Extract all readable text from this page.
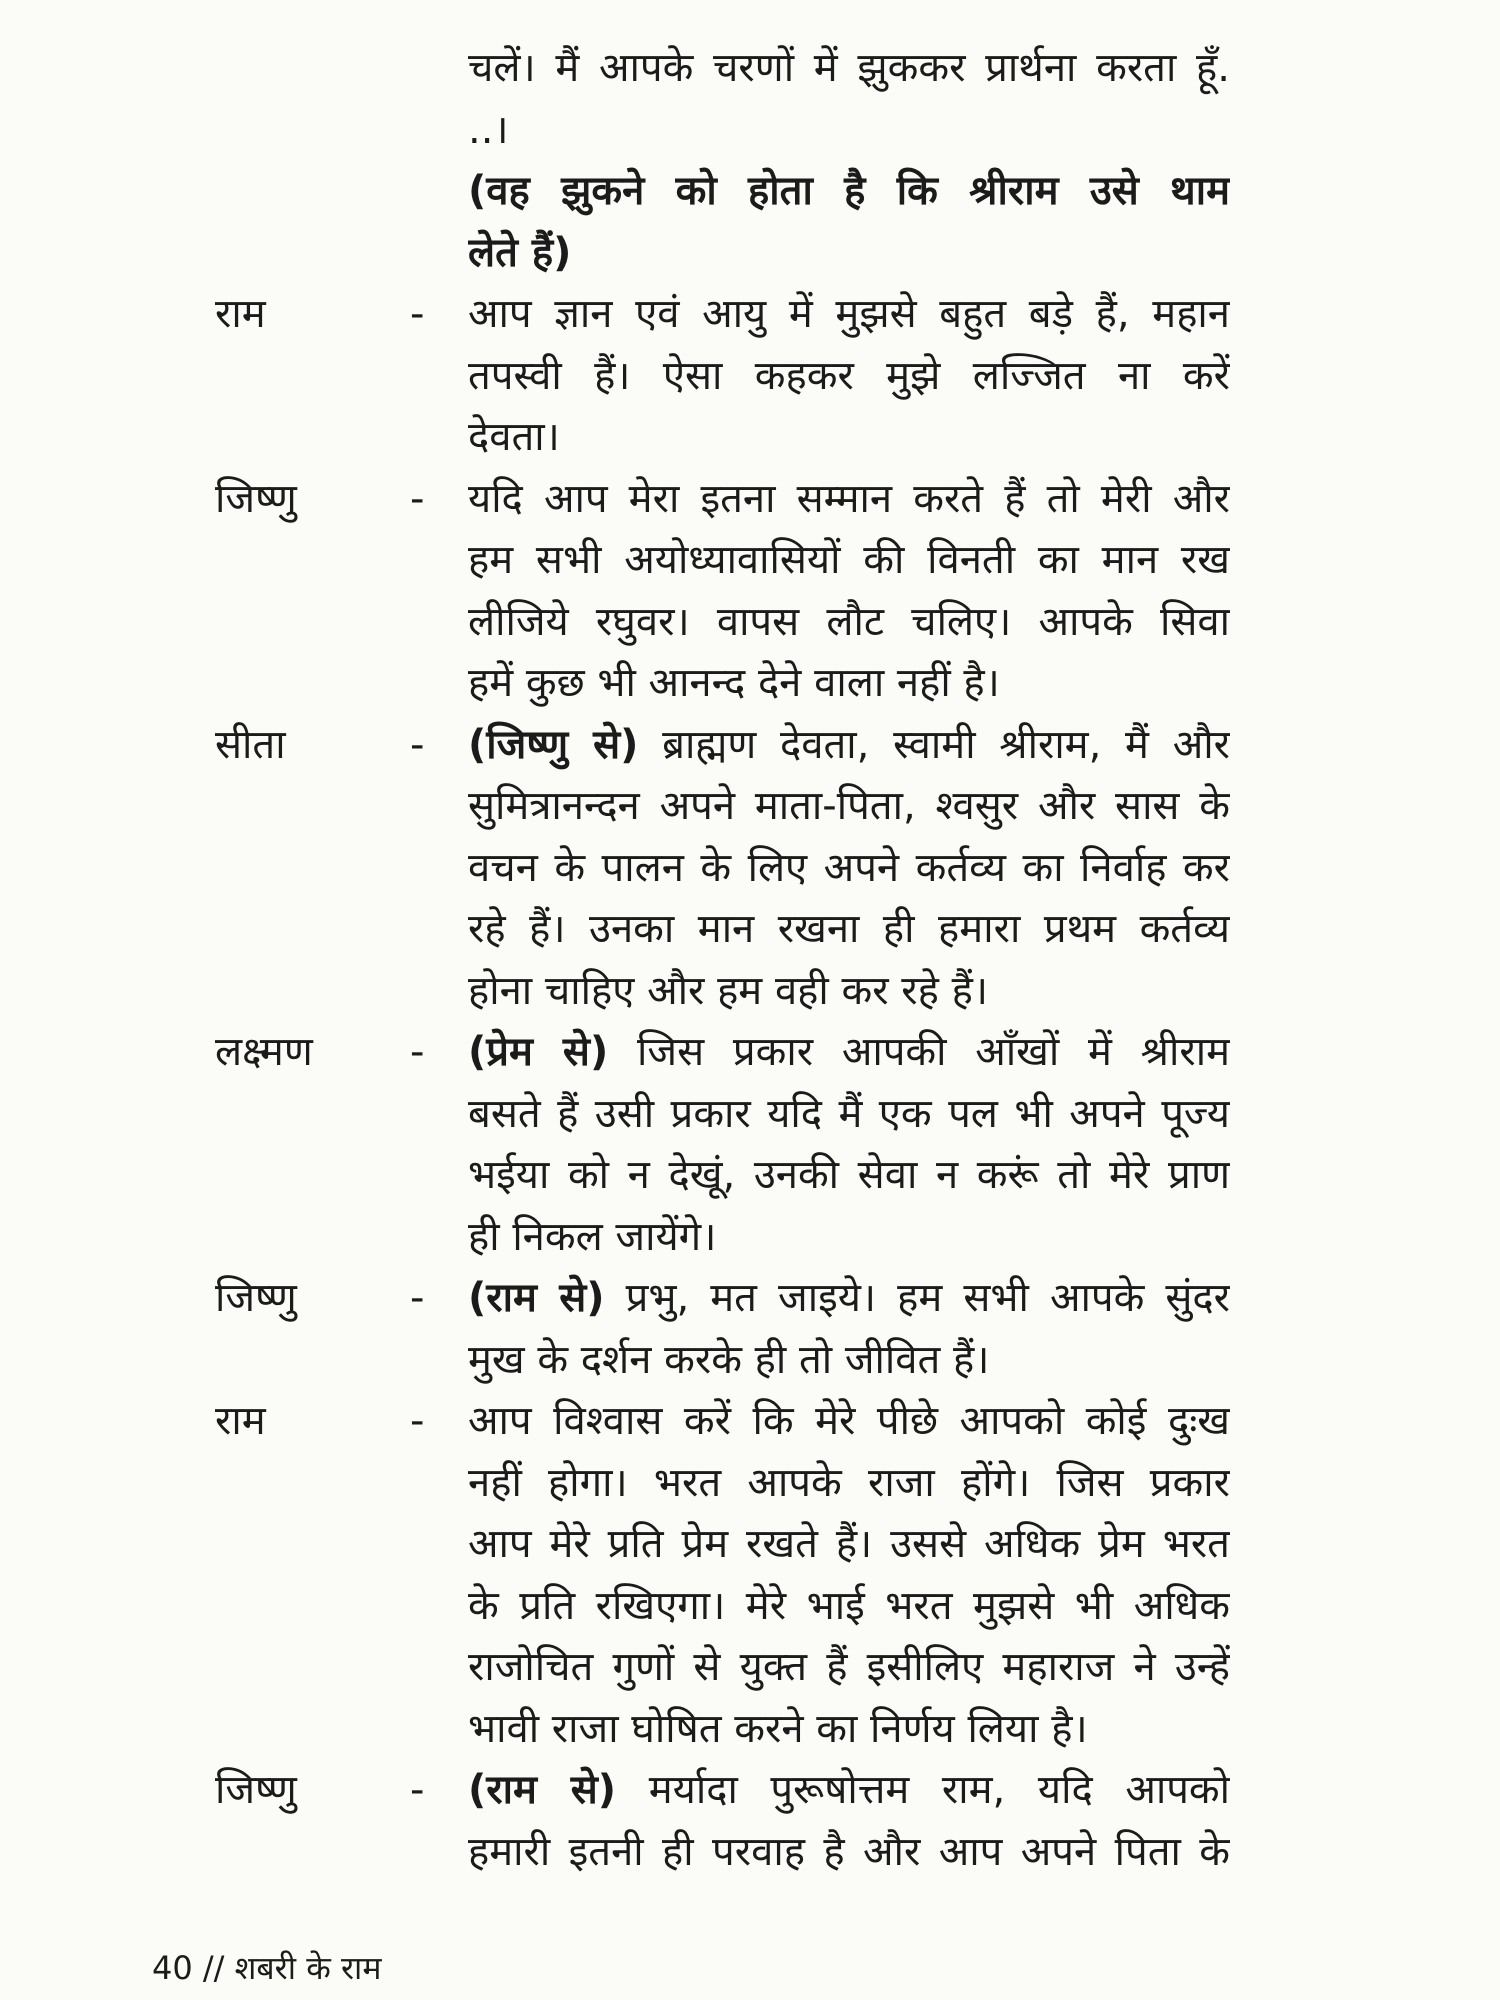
चलें। मैं आपके चरणों में झुककर प्रार्थना करता हूँ.
..।
(वह झुकने को होता है कि श्रीराम उसे थाम
लेते हैं)
राम	- आप ज्ञान एवं आयु में मुझसे बहुत बड़े हैं, महान
तपस्वी हैं। ऐसा कहकर मुझे लज्जित ना करें
देवता।
जिष्णु	- यदि आप मेरा इतना सम्मान करते हैं तो मेरी और
हम सभी अयोध्यावासियों की विनती का मान रख
लीजिये रघुवर। वापस लौट चलिए। आपके सिवा
हमें कुछ भी आनन्द देने वाला नहीं है।
सीता	- (जिष्णु से) ब्राह्मण देवता, स्वामी श्रीराम, मैं और
सुमित्रानन्दन अपने माता-पिता, श्वसुर और सास के
वचन के पालन के लिए अपने कर्तव्य का निर्वाह कर
रहे हैं। उनका मान रखना ही हमारा प्रथम कर्तव्य
होना चाहिए और हम वही कर रहे हैं।
लक्ष्मण - (प्रेम से) जिस प्रकार आपकी आँखों में श्रीराम
बसते हैं उसी प्रकार यदि मैं एक पल भी अपने पूज्य
भईया को न देखूं, उनकी सेवा न करूं तो मेरे प्राण
ही निकल जायेंगे।
जिष्णु	- (राम से) प्रभु, मत जाइये। हम सभी आपके सुंदर
मुख के दर्शन करके ही तो जीवित हैं।
राम	- आप विश्वास करें कि मेरे पीछे आपको कोई दुःख
नहीं होगा। भरत आपके राजा होंगे। जिस प्रकार
आप मेरे प्रति प्रेम रखते हैं। उससे अधिक प्रेम भरत
के प्रति रखिएगा। मेरे भाई भरत मुझसे भी अधिक
राजोचित गुणों से युक्त हैं इसीलिए महाराज ने उन्हें
भावी राजा घोषित करने का निर्णय लिया है।
जिष्णु	- (राम से) मर्यादा पुरूषोत्तम राम, यदि आपको
हमारी इतनी ही परवाह है और आप अपने पिता के
40 // शबरी के राम
